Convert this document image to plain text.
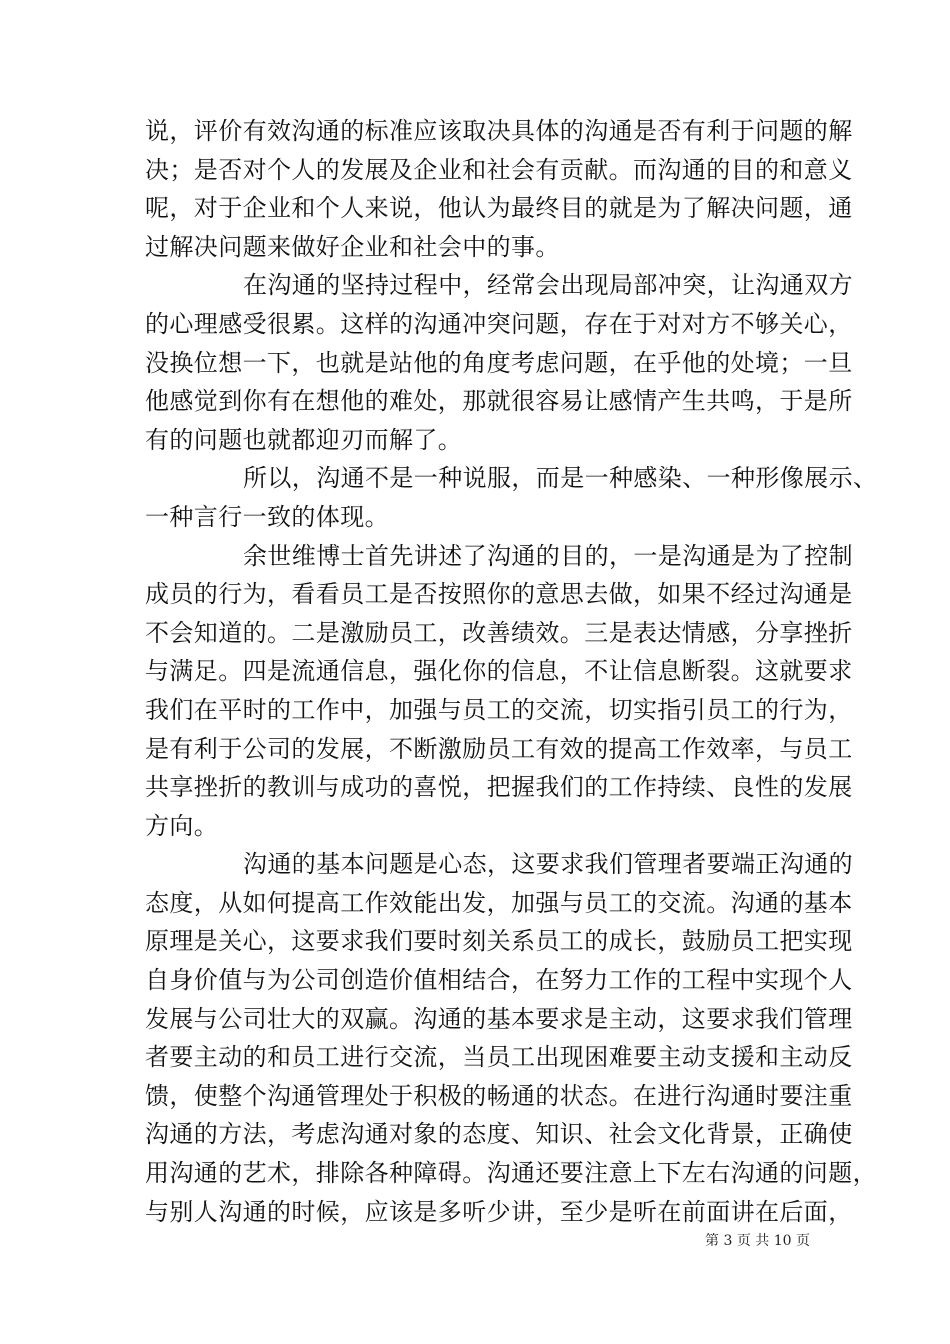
说，评价有效沟通的标准应该取决具体的沟通是否有利于问题的解
决；是否对个人的发展及企业和社会有贡献。而沟通的目的和意义
呢，对于企业和个人来说，他认为最终目的就是为了解决问题，通
过解决问题来做好企业和社会中的事。
在沟通的坚持过程中，经常会出现局部冲突，让沟通双方
的心理感受很累。这样的沟通冲突问题，存在于对对方不够关心，
没换位想一下，也就是站他的角度考虑问题，在乎他的处境；一旦
他感觉到你有在想他的难处，那就很容易让感情产生共鸣，于是所
有的问题也就都迎刃而解了。
所以，沟通不是一种说服，而是一种感染、一种形像展示、
一种言行一致的体现。
余世维博士首先讲述了沟通的目的，一是沟通是为了控制
成员的行为，看看员工是否按照你的意思去做，如果不经过沟通是
不会知道的。二是激励员工，改善绩效。三是表达情感，分享挫折
与满足。四是流通信息，强化你的信息，不让信息断裂。这就要求
我们在平时的工作中，加强与员工的交流，切实指引员工的行为，
是有利于公司的发展，不断激励员工有效的提高工作效率，与员工
共享挫折的教训与成功的喜悦，把握我们的工作持续、良性的发展
方向。
沟通的基本问题是心态，这要求我们管理者要端正沟通的
态度，从如何提高工作效能出发，加强与员工的交流。沟通的基本
原理是关心，这要求我们要时刻关系员工的成长，鼓励员工把实现
自身价值与为公司创造价值相结合，在努力工作的工程中实现个人
发展与公司壮大的双赢。沟通的基本要求是主动，这要求我们管理
者要主动的和员工进行交流，当员工出现困难要主动支援和主动反
馈，使整个沟通管理处于积极的畅通的状态。在进行沟通时要注重
沟通的方法，考虑沟通对象的态度、知识、社会文化背景，正确使
用沟通的艺术，排除各种障碍。沟通还要注意上下左右沟通的问题，
与别人沟通的时候，应该是多听少讲，至少是听在前面讲在后面，
第 3 页 共 10 页
